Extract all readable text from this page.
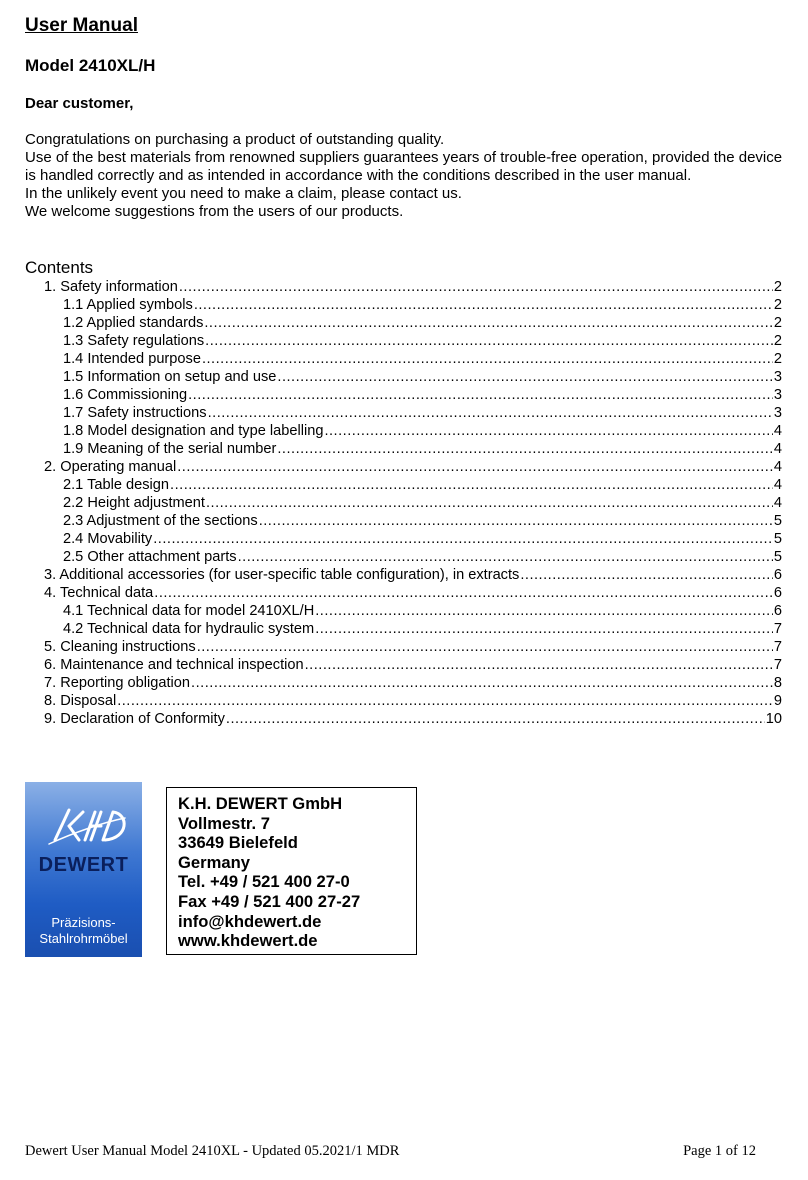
User Manual
Model 2410XL/H
Dear customer,

Congratulations on purchasing a product of outstanding quality.

Use of the best materials from renowned suppliers guarantees years of trouble-free operation, provided the device is handled correctly and as intended in accordance with the conditions described in the user manual.

In the unlikely event you need to make a claim, please contact us.

We welcome suggestions from the users of our products.

Contents
1. Safety information .....	2
1.1 Applied symbols .....	2
1.2 Applied standards .....	2
1.3 Safety regulations .....	2
1.4 Intended purpose .....	2
1.5 Information on setup and use .....	3
1.6 Commissioning .....	3
1.7 Safety instructions .....	3
1.8 Model designation and type labelling .....	4
1.9 Meaning of the serial number .....	4
2. Operating manual .....	4
2.1 Table design .....	4
2.2 Height adjustment .....	4
2.3 Adjustment of the sections .....	5
2.4 Movability .....	5
2.5 Other attachment parts .....	5
3. Additional accessories (for user-specific table configuration), in extracts .....	6
4. Technical data .....	6
4.1 Technical data for model 2410XL/H .....	6
4.2 Technical data for hydraulic system .....	7
5. Cleaning instructions .....	7
6. Maintenance and technical inspection .....	7
7. Reporting obligation .....	8
8. Disposal .....	9
9. Declaration of Conformity .....	10
DEWERT
Präzisions-
Stahlrohrmöbel
K.H. DEWERT GmbH
Vollmestr. 7
33649 Bielefeld
Germany
Tel. +49 / 521 400 27-0
Fax +49 / 521 400 27-27
info@khdewert.de
www.khdewert.de
Dewert User Manual Model 2410XL - Updated 05.2021/1 MDR	Page 1 of 12
